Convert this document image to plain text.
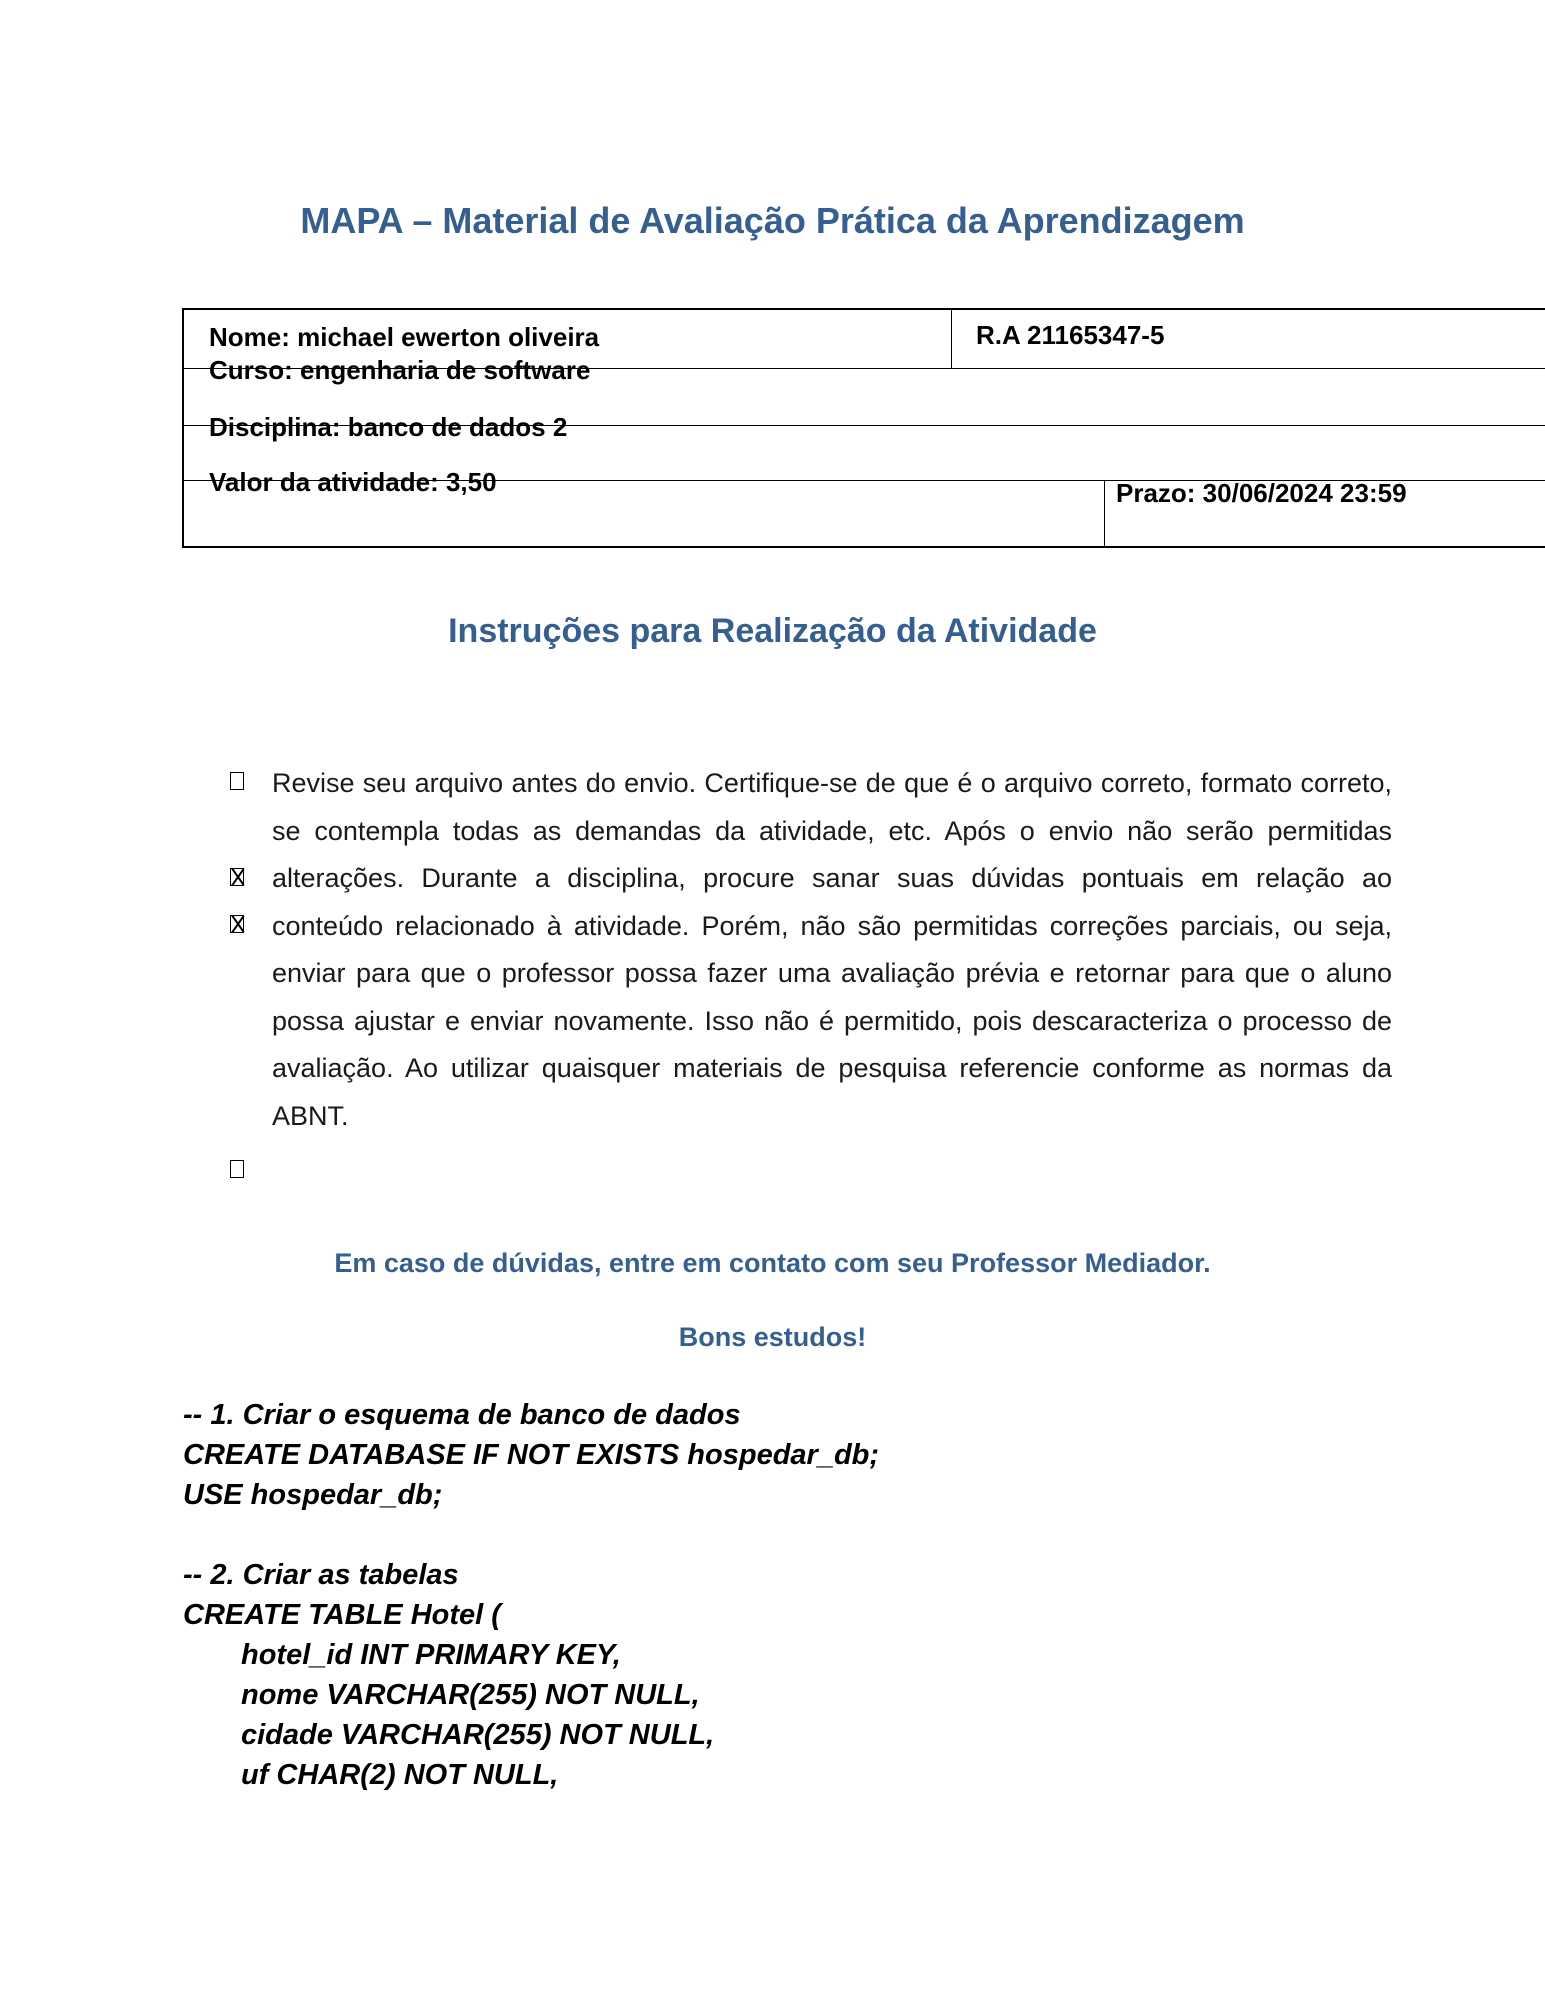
MAPA – Material de Avaliação Prática da Aprendizagem
Nome: michael ewerton oliveira	R.A 21165347-5
Curso: engenharia de software
Disciplina: banco de dados 2
Valor da atividade: 3,50	Prazo: 30/06/2024 23:59
Instruções para Realização da Atividade

Revise seu arquivo antes do envio. Certifique-se de que é o arquivo correto, formato correto, se contempla todas as demandas da atividade, etc. Após o envio não serão permitidas alterações. Durante a disciplina, procure sanar suas dúvidas pontuais em relação ao conteúdo relacionado à atividade. Porém, não são permitidas correções parciais, ou seja, enviar para que o professor possa fazer uma avaliação prévia e retornar para que o aluno possa ajustar e enviar novamente. Isso não é permitido, pois descaracteriza o processo de avaliação. Ao utilizar quaisquer materiais de pesquisa referencie conforme as normas da ABNT.

Em caso de dúvidas, entre em contato com seu Professor Mediador.
Bons estudos!
-- 1. Criar o esquema de banco de dados
CREATE DATABASE IF NOT EXISTS hospedar_db;
USE hospedar_db;
-- 2. Criar as tabelas
CREATE TABLE Hotel (
hotel_id INT PRIMARY KEY,
nome VARCHAR(255) NOT NULL,
cidade VARCHAR(255) NOT NULL,
uf CHAR(2) NOT NULL,
